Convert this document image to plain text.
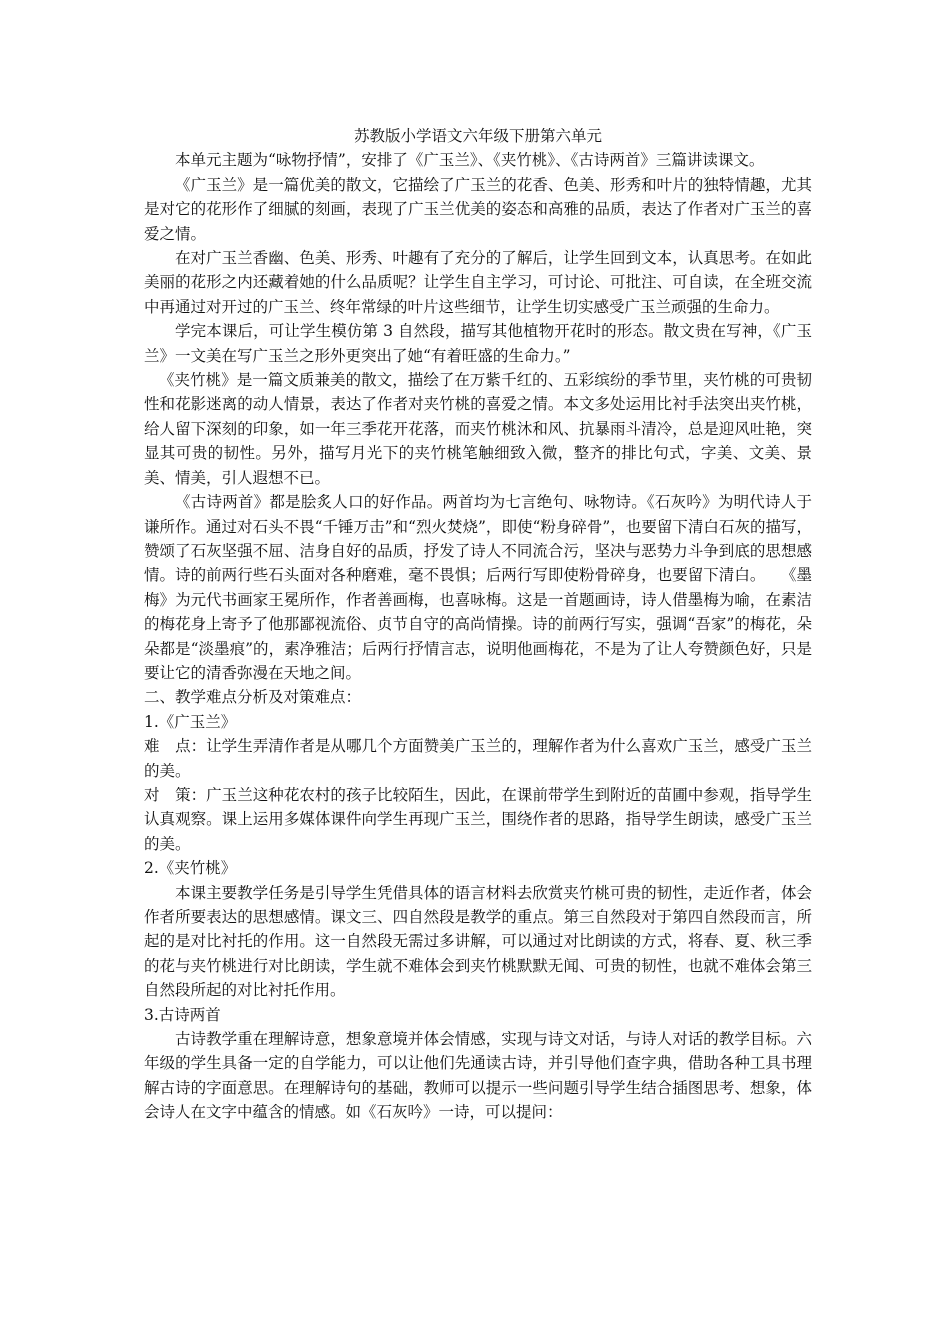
苏教版小学语文六年级下册第六单元

本单元主题为“咏物抒情”，安排了《广玉兰》、《夹竹桃》、《古诗两首》三篇讲读课文。

《广玉兰》是一篇优美的散文，它描绘了广玉兰的花香、色美、形秀和叶片的独特情趣，尤其是对它的花形作了细腻的刻画，表现了广玉兰优美的姿态和高雅的品质，表达了作者对广玉兰的喜爱之情。

在对广玉兰香幽、色美、形秀、叶趣有了充分的了解后，让学生回到文本，认真思考。在如此美丽的花形之内还藏着她的什么品质呢？让学生自主学习，可讨论、可批注、可自读，在全班交流中再通过对开过的广玉兰、终年常绿的叶片这些细节，让学生切实感受广玉兰顽强的生命力。

学完本课后，可让学生模仿第 3 自然段，描写其他植物开花时的形态。散文贵在写神，《广玉兰》一文美在写广玉兰之形外更突出了她“有着旺盛的生命力。”

《夹竹桃》是一篇文质兼美的散文，描绘了在万紫千红的、五彩缤纷的季节里，夹竹桃的可贵韧性和花影迷离的动人情景，表达了作者对夹竹桃的喜爱之情。本文多处运用比衬手法突出夹竹桃，给人留下深刻的印象，如一年三季花开花落，而夹竹桃沐和风、抗暴雨斗清冷，总是迎风吐艳，突显其可贵的韧性。另外，描写月光下的夹竹桃笔触细致入微，整齐的排比句式，字美、文美、景美、情美，引人遐想不已。

《古诗两首》都是脍炙人口的好作品。两首均为七言绝句、咏物诗。《石灰吟》为明代诗人于谦所作。通过对石头不畏“千锤万击”和“烈火焚烧”，即使“粉身碎骨”，也要留下清白石灰的描写，赞颂了石灰坚强不屈、洁身自好的品质，抒发了诗人不同流合污，坚决与恶势力斗争到底的思想感情。诗的前两行些石头面对各种磨难，毫不畏惧；后两行写即使粉骨碎身，也要留下清白。　　《墨梅》为元代书画家王冕所作，作者善画梅，也喜咏梅。这是一首题画诗，诗人借墨梅为喻，在素洁的梅花身上寄予了他那鄙视流俗、贞节自守的高尚情操。诗的前两行写实，强调“吾家”的梅花，朵朵都是“淡墨痕”的，素净雅洁；后两行抒情言志，说明他画梅花，不是为了让人夸赞颜色好，只是要让它的清香弥漫在天地之间。

二、教学难点分析及对策难点：

1.《广玉兰》

难　点：让学生弄清作者是从哪几个方面赞美广玉兰的，理解作者为什么喜欢广玉兰，感受广玉兰的美。

对　策：广玉兰这种花农村的孩子比较陌生，因此，在课前带学生到附近的苗圃中参观，指导学生认真观察。课上运用多媒体课件向学生再现广玉兰，围绕作者的思路，指导学生朗读，感受广玉兰的美。

2.《夹竹桃》

本课主要教学任务是引导学生凭借具体的语言材料去欣赏夹竹桃可贵的韧性，走近作者，体会作者所要表达的思想感情。课文三、四自然段是教学的重点。第三自然段对于第四自然段而言，所起的是对比衬托的作用。这一自然段无需过多讲解，可以通过对比朗读的方式，将春、夏、秋三季的花与夹竹桃进行对比朗读，学生就不难体会到夹竹桃默默无闻、可贵的韧性，也就不难体会第三自然段所起的对比衬托作用。

3.古诗两首

古诗教学重在理解诗意，想象意境并体会情感，实现与诗文对话，与诗人对话的教学目标。六年级的学生具备一定的自学能力，可以让他们先通读古诗，并引导他们查字典，借助各种工具书理解古诗的字面意思。在理解诗句的基础，教师可以提示一些问题引导学生结合插图思考、想象，体会诗人在文字中蕴含的情感。如《石灰吟》一诗，可以提问：
